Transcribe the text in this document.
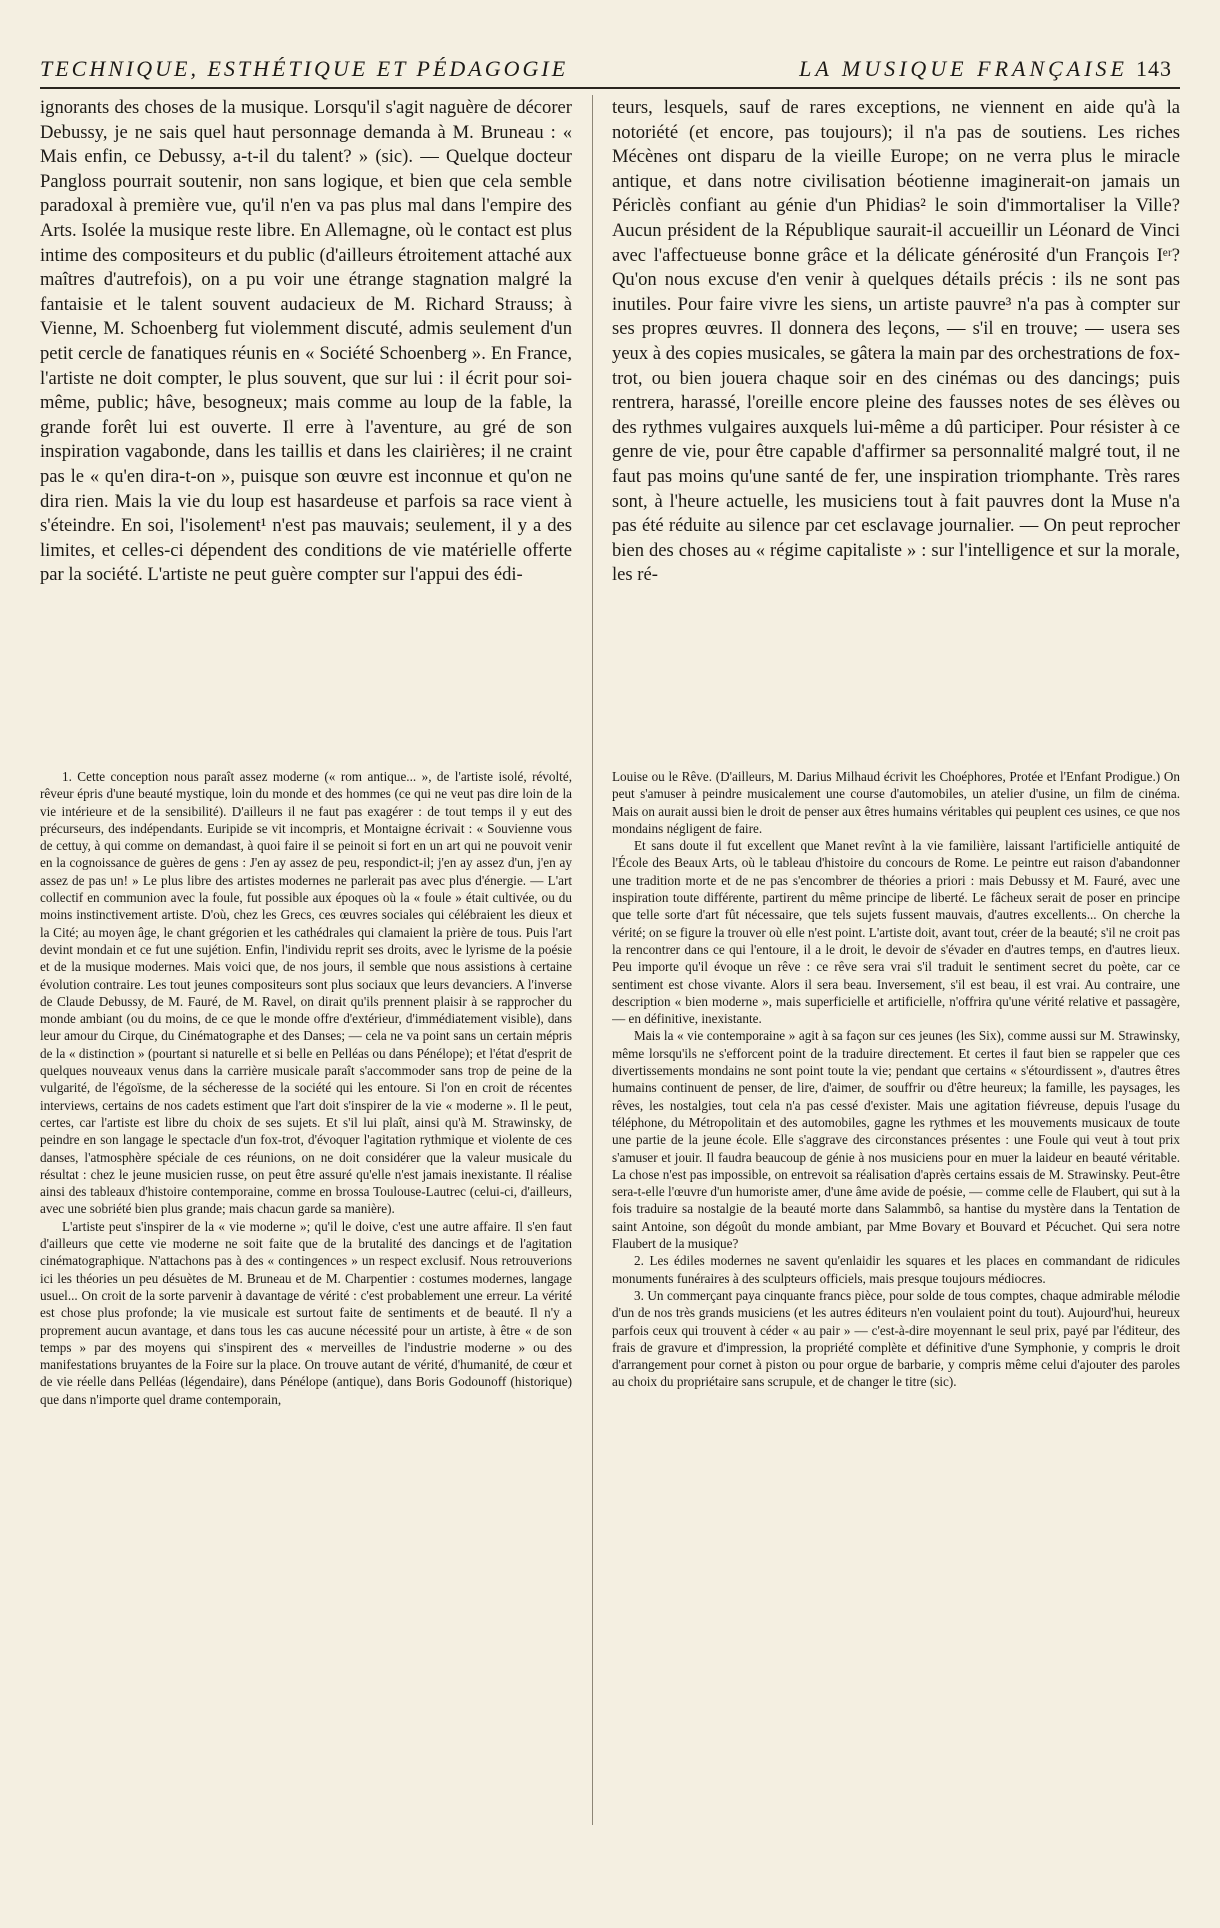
TECHNIQUE, ESTHÉTIQUE ET PÉDAGOGIE	LA MUSIQUE FRANÇAISE 143

ignorants des choses de la musique. Lorsqu'il s'agit naguère de décorer Debussy, je ne sais quel haut personnage demanda à M. Bruneau : « Mais enfin, ce Debussy, a-t-il du talent? » (sic). — Quelque docteur Pangloss pourrait soutenir, non sans logique, et bien que cela semble paradoxal à première vue, qu'il n'en va pas plus mal dans l'empire des Arts. Isolée la musique reste libre. En Allemagne, où le contact est plus intime des compositeurs et du public (d'ailleurs étroitement attaché aux maîtres d'autrefois), on a pu voir une étrange stagnation malgré la fantaisie et le talent souvent audacieux de M. Richard Strauss; à Vienne, M. Schoenberg fut violemment discuté, admis seulement d'un petit cercle de fanatiques réunis en « Société Schoenberg ». En France, l'artiste ne doit compter, le plus souvent, que sur lui : il écrit pour soi-même, public; hâve, besogneux; mais comme au loup de la fable, la grande forêt lui est ouverte. Il erre à l'aventure, au gré de son inspiration vagabonde, dans les taillis et dans les clairières; il ne craint pas le « qu'en dira-t-on », puisque son œuvre est inconnue et qu'on ne dira rien. Mais la vie du loup est hasardeuse et parfois sa race vient à s'éteindre. En soi, l'isolement¹ n'est pas mauvais; seulement, il y a des limites, et celles-ci dépendent des conditions de vie matérielle offerte par la société. L'artiste ne peut guère compter sur l'appui des édi-

teurs, lesquels, sauf de rares exceptions, ne viennent en aide qu'à la notoriété (et encore, pas toujours); il n'a pas de soutiens. Les riches Mécènes ont disparu de la vieille Europe; on ne verra plus le miracle antique, et dans notre civilisation béotienne imaginerait-on jamais un Périclès confiant au génie d'un Phidias² le soin d'immortaliser la Ville? Aucun président de la République saurait-il accueillir un Léonard de Vinci avec l'affectueuse bonne grâce et la délicate générosité d'un François Iᵉʳ? Qu'on nous excuse d'en venir à quelques détails précis : ils ne sont pas inutiles. Pour faire vivre les siens, un artiste pauvre³ n'a pas à compter sur ses propres œuvres. Il donnera des leçons, — s'il en trouve; — usera ses yeux à des copies musicales, se gâtera la main par des orchestrations de fox-trot, ou bien jouera chaque soir en des cinémas ou des dancings; puis rentrera, harassé, l'oreille encore pleine des fausses notes de ses élèves ou des rythmes vulgaires auxquels lui-même a dû participer. Pour résister à ce genre de vie, pour être capable d'affirmer sa personnalité malgré tout, il ne faut pas moins qu'une santé de fer, une inspiration triomphante. Très rares sont, à l'heure actuelle, les musiciens tout à fait pauvres dont la Muse n'a pas été réduite au silence par cet esclavage journalier. — On peut reprocher bien des choses au « régime capitaliste » : sur l'intelligence et sur la morale, les ré-

1. Cette conception nous paraît assez moderne (« rom antique... », de l'artiste isolé, révolté, rêveur épris d'une beauté mystique, loin du monde et des hommes (ce qui ne veut pas dire loin de la vie intérieure et de la sensibilité). D'ailleurs il ne faut pas exagérer : de tout temps il y eut des précurseurs, des indépendants. Euripide se vit incompris, et Montaigne écrivait : « Souvienne vous de cettuy, à qui comme on demandast, à quoi faire il se peinoit si fort en un art qui ne pouvoit venir en la cognoissance de guères de gens : J'en ay assez de peu, respondict-il; j'en ay assez d'un, j'en ay assez de pas un! » Le plus libre des artistes modernes ne parlerait pas avec plus d'énergie. — L'art collectif en communion avec la foule, fut possible aux époques où la « foule » était cultivée, ou du moins instinctivement artiste. D'où, chez les Grecs, ces œuvres sociales qui célébraient les dieux et la Cité; au moyen âge, le chant grégorien et les cathédrales qui clamaient la prière de tous. Puis l'art devint mondain et ce fut une sujétion. Enfin, l'individu reprit ses droits, avec le lyrisme de la poésie et de la musique modernes. Mais voici que, de nos jours, il semble que nous assistions à certaine évolution contraire. Les tout jeunes compositeurs sont plus sociaux que leurs devanciers. A l'inverse de Claude Debussy, de M. Fauré, de M. Ravel, on dirait qu'ils prennent plaisir à se rapprocher du monde ambiant (ou du moins, de ce que le monde offre d'extérieur, d'immédiatement visible), dans leur amour du Cirque, du Cinématographe et des Danses; — cela ne va point sans un certain mépris de la « distinction » (pourtant si naturelle et si belle en Pelléas ou dans Pénélope); et l'état d'esprit de quelques nouveaux venus dans la carrière musicale paraît s'accommoder sans trop de peine de la vulgarité, de l'égoïsme, de la sécheresse de la société qui les entoure. Si l'on en croit de récentes interviews, certains de nos cadets estiment que l'art doit s'inspirer de la vie « moderne ». Il le peut, certes, car l'artiste est libre du choix de ses sujets. Et s'il lui plaît, ainsi qu'à M. Strawinsky, de peindre en son langage le spectacle d'un fox-trot, d'évoquer l'agitation rythmique et violente de ces danses, l'atmosphère spéciale de ces réunions, on ne doit considérer que la valeur musicale du résultat : chez le jeune musicien russe, on peut être assuré qu'elle n'est jamais inexistante. Il réalise ainsi des tableaux d'histoire contemporaine, comme en brossa Toulouse-Lautrec (celui-ci, d'ailleurs, avec une sobriété bien plus grande; mais chacun garde sa manière).

L'artiste peut s'inspirer de la « vie moderne »; qu'il le doive, c'est une autre affaire. Il s'en faut d'ailleurs que cette vie moderne ne soit faite que de la brutalité des dancings et de l'agitation cinématographique. N'attachons pas à des « contingences » un respect exclusif. Nous retrouverions ici les théories un peu désuètes de M. Bruneau et de M. Charpentier : costumes modernes, langage usuel... On croit de la sorte parvenir à davantage de vérité : c'est probablement une erreur. La vérité est chose plus profonde; la vie musicale est surtout faite de sentiments et de beauté. Il n'y a proprement aucun avantage, et dans tous les cas aucune nécessité pour un artiste, à être « de son temps » par des moyens qui s'inspirent des « merveilles de l'industrie moderne » ou des manifestations bruyantes de la Foire sur la place. On trouve autant de vérité, d'humanité, de cœur et de vie réelle dans Pelléas (légendaire), dans Pénélope (antique), dans Boris Godounoff (historique) que dans n'importe quel drame contemporain,

Louise ou le Rêve. (D'ailleurs, M. Darius Milhaud écrivit les Choéphores, Protée et l'Enfant Prodigue.) On peut s'amuser à peindre musicalement une course d'automobiles, un atelier d'usine, un film de cinéma. Mais on aurait aussi bien le droit de penser aux êtres humains véritables qui peuplent ces usines, ce que nos mondains négligent de faire.

Et sans doute il fut excellent que Manet revînt à la vie familière, laissant l'artificielle antiquité de l'École des Beaux Arts, où le tableau d'histoire du concours de Rome. Le peintre eut raison d'abandonner une tradition morte et de ne pas s'encombrer de théories a priori : mais Debussy et M. Fauré, avec une inspiration toute différente, partirent du même principe de liberté. Le fâcheux serait de poser en principe que telle sorte d'art fût nécessaire, que tels sujets fussent mauvais, d'autres excellents... On cherche la vérité; on se figure la trouver où elle n'est point. L'artiste doit, avant tout, créer de la beauté; s'il ne croit pas la rencontrer dans ce qui l'entoure, il a le droit, le devoir de s'évader en d'autres temps, en d'autres lieux. Peu importe qu'il évoque un rêve : ce rêve sera vrai s'il traduit le sentiment secret du poète, car ce sentiment est chose vivante. Alors il sera beau. Inversement, s'il est beau, il est vrai. Au contraire, une description « bien moderne », mais superficielle et artificielle, n'offrira qu'une vérité relative et passagère, — en définitive, inexistante.

Mais la « vie contemporaine » agit à sa façon sur ces jeunes (les Six), comme aussi sur M. Strawinsky, même lorsqu'ils ne s'efforcent point de la traduire directement. Et certes il faut bien se rappeler que ces divertissements mondains ne sont point toute la vie; pendant que certains « s'étourdissent », d'autres êtres humains continuent de penser, de lire, d'aimer, de souffrir ou d'être heureux; la famille, les paysages, les rêves, les nostalgies, tout cela n'a pas cessé d'exister. Mais une agitation fiévreuse, depuis l'usage du téléphone, du Métropolitain et des automobiles, gagne les rythmes et les mouvements musicaux de toute une partie de la jeune école. Elle s'aggrave des circonstances présentes : une Foule qui veut à tout prix s'amuser et jouir. Il faudra beaucoup de génie à nos musiciens pour en muer la laideur en beauté véritable. La chose n'est pas impossible, on entrevoit sa réalisation d'après certains essais de M. Strawinsky. Peut-être sera-t-elle l'œuvre d'un humoriste amer, d'une âme avide de poésie, — comme celle de Flaubert, qui sut à la fois traduire sa nostalgie de la beauté morte dans Salammbô, sa hantise du mystère dans la Tentation de saint Antoine, son dégoût du monde ambiant, par Mme Bovary et Bouvard et Pécuchet. Qui sera notre Flaubert de la musique?

2. Les édiles modernes ne savent qu'enlaidir les squares et les places en commandant de ridicules monuments funéraires à des sculpteurs officiels, mais presque toujours médiocres.

3. Un commerçant paya cinquante francs pièce, pour solde de tous comptes, chaque admirable mélodie d'un de nos très grands musiciens (et les autres éditeurs n'en voulaient point du tout). Aujourd'hui, heureux parfois ceux qui trouvent à céder « au pair » — c'est-à-dire moyennant le seul prix, payé par l'éditeur, des frais de gravure et d'impression, la propriété complète et définitive d'une Symphonie, y compris le droit d'arrangement pour cornet à piston ou pour orgue de barbarie, y compris même celui d'ajouter des paroles au choix du propriétaire sans scrupule, et de changer le titre (sic).
